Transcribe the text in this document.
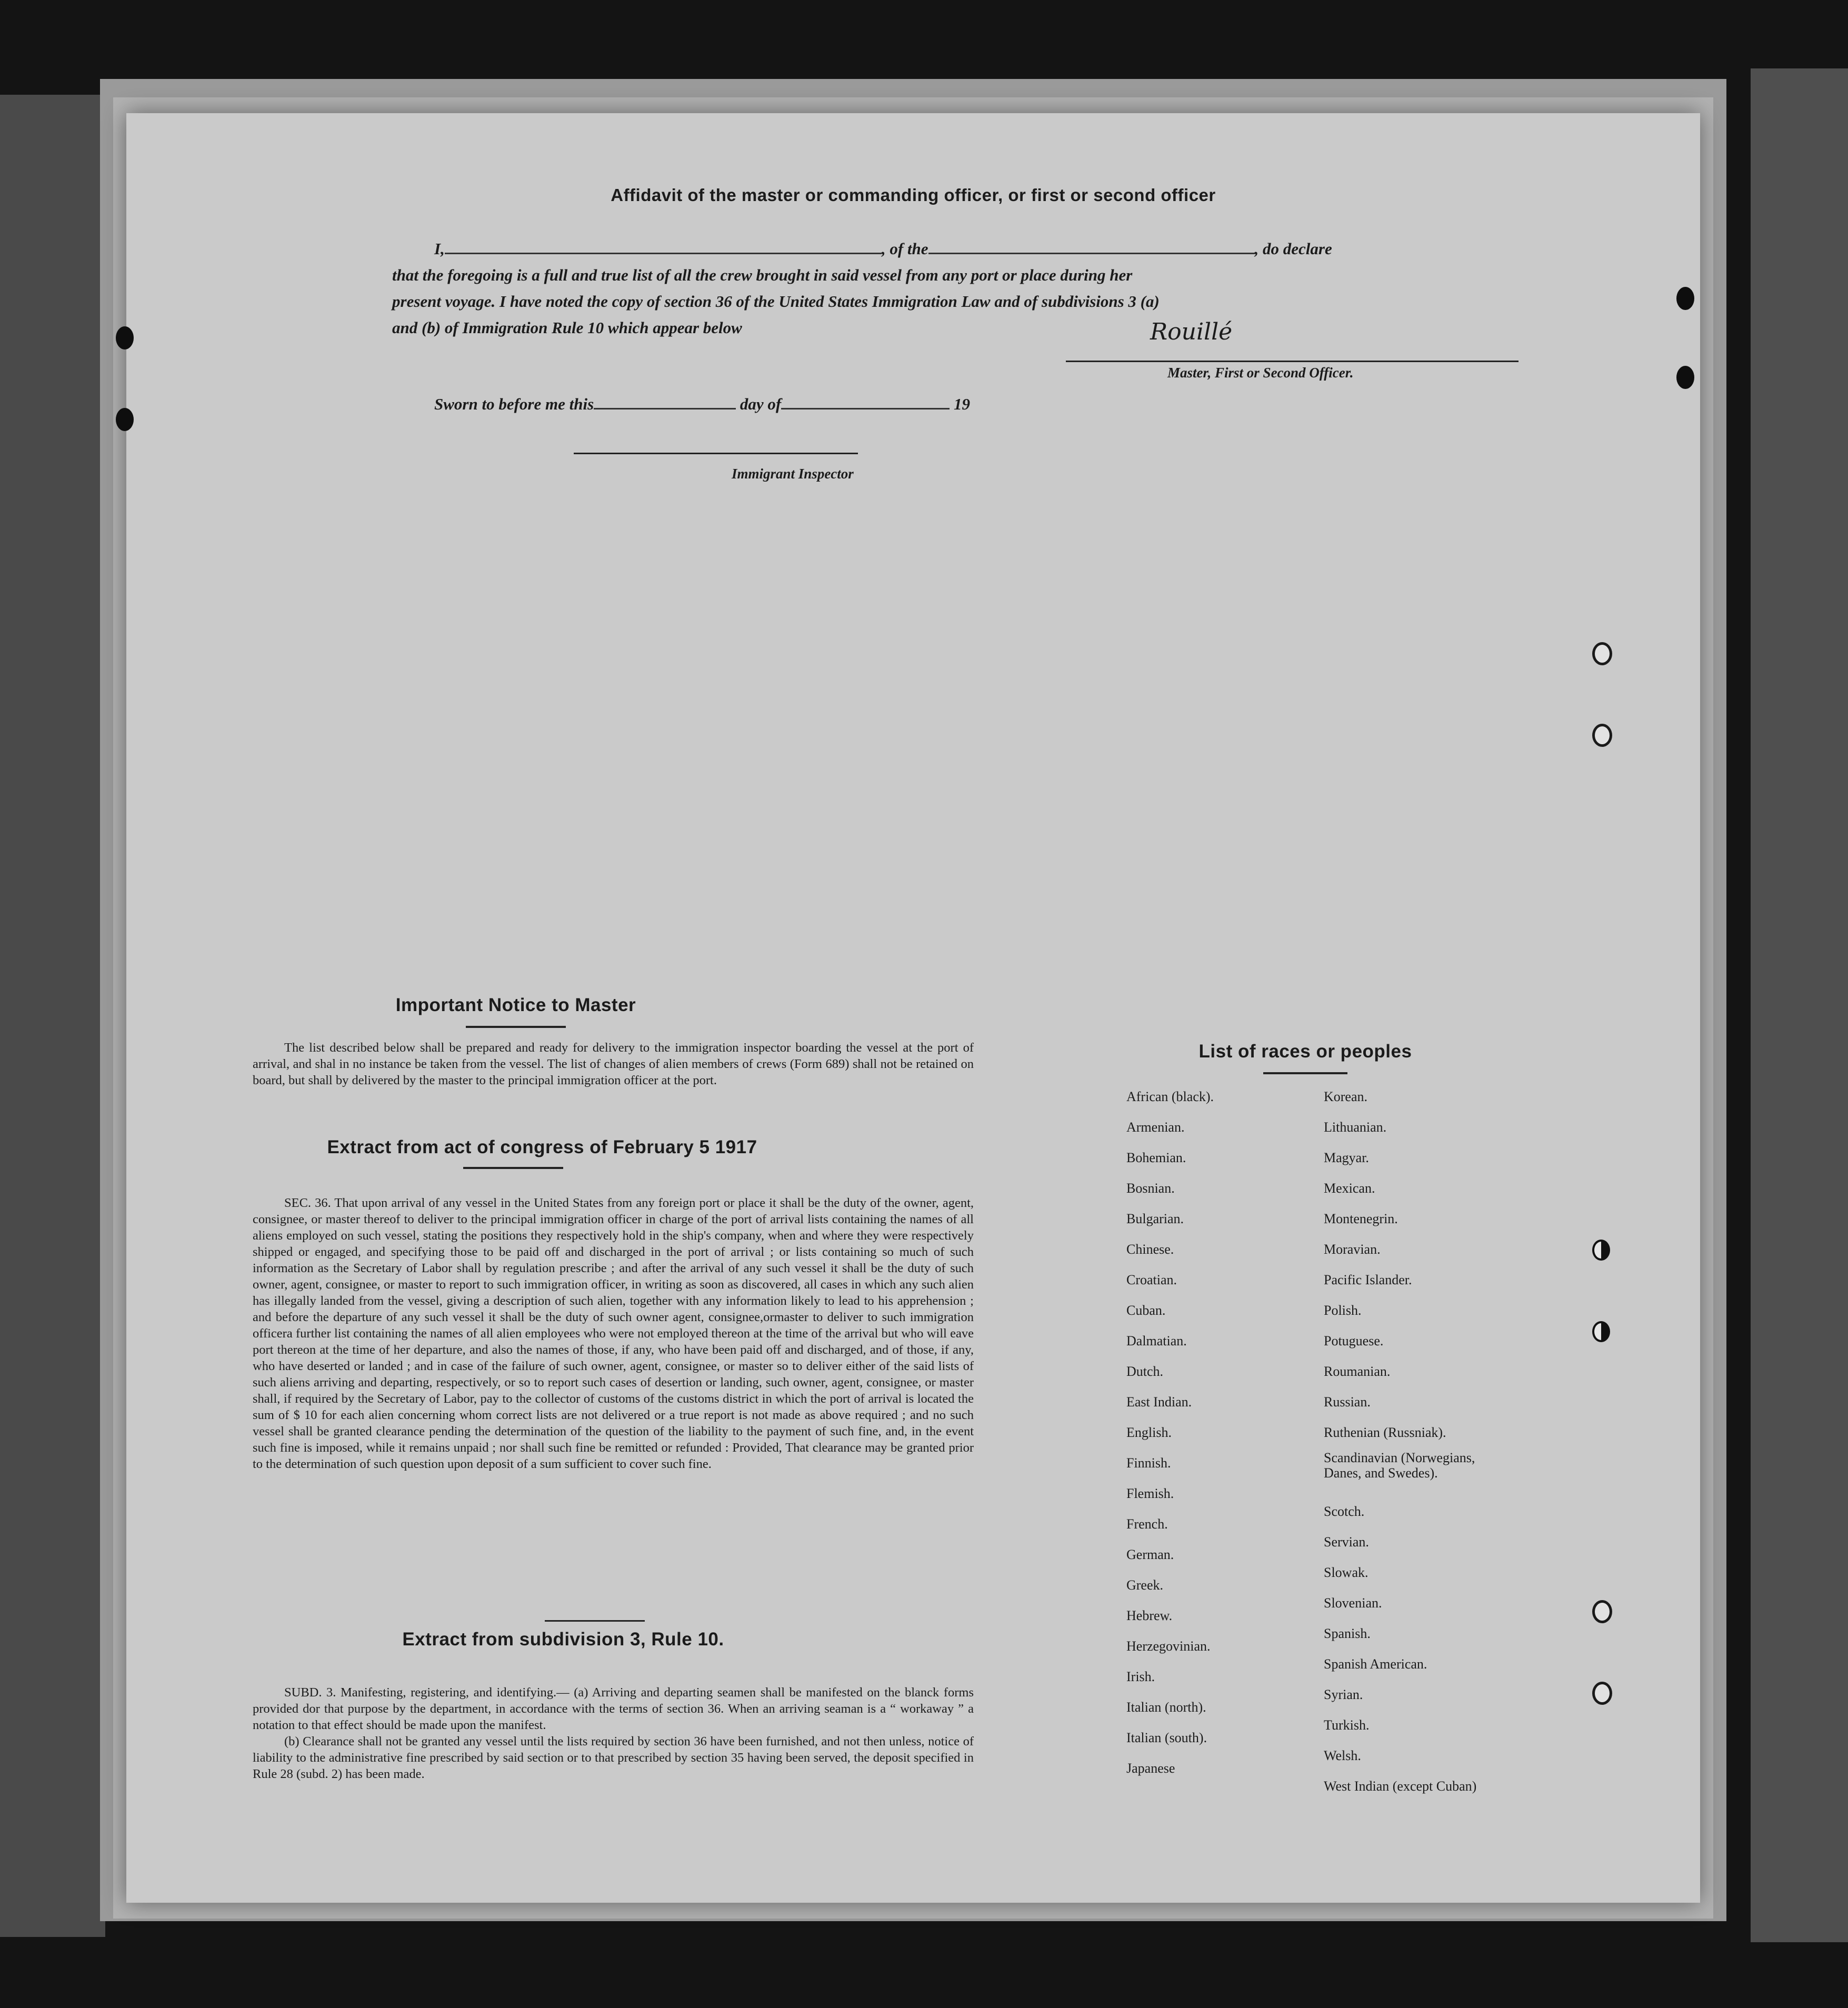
Affidavit of the master or commanding officer, or first or second officer
I,	, of the	, do declare
that the foregoing is a full and true list of all the crew brought in said vessel from any port or place during her
present voyage. I have noted the copy of section 36 of the United States Immigration Law and of subdivisions 3 (a)
and (b) of Immigration Rule 10 which appear below	Rouillé
Master, First or Second Officer.
Sworn to before me this	day of	19
Immigrant Inspector
Important Notice to Master

The list described below shall be prepared and ready for delivery to the immigration inspector boarding the vessel at the port of arrival, and shal in no instance be taken from the vessel. The list of changes of alien members of crews (Form 689) shall not be retained on board, but shall by delivered by the master to the principal immigration officer at the port.

Extract from act of congress of February 5 1917

SEC. 36. That upon arrival of any vessel in the United States from any foreign port or place it shall be the duty of the owner, agent, consignee, or master thereof to deliver to the principal immigration officer in charge of the port of arrival lists containing the names of all aliens employed on such vessel, stating the positions they respectively hold in the ship's company, when and where they were respectively shipped or engaged, and specifying those to be paid off and discharged in the port of arrival ; or lists containing so much of such information as the Secretary of Labor shall by regulation prescribe ; and after the arrival of any such vessel it shall be the duty of such owner, agent, consignee, or master to report to such immigration officer, in writing as soon as discovered, all cases in which any such alien has illegally landed from the vessel, giving a description of such alien, together with any information likely to lead to his apprehension ; and before the departure of any such vessel it shall be the duty of such owner agent, consignee,ormaster to deliver to such immigration officera further list containing the names of all alien employees who were not employed thereon at the time of the arrival but who will eave port thereon at the time of her departure, and also the names of those, if any, who have been paid off and discharged, and of those, if any, who have deserted or landed ; and in case of the failure of such owner, agent, consignee, or master so to deliver either of the said lists of such aliens arriving and departing, respectively, or so to report such cases of desertion or landing, such owner, agent, consignee, or master shall, if required by the Secretary of Labor, pay to the collector of customs of the customs district in which the port of arrival is located the sum of $ 10 for each alien concerning whom correct lists are not delivered or a true report is not made as above required ; and no such vessel shall be granted clearance pending the determination of the question of the liability to the payment of such fine, and, in the event such fine is imposed, while it remains unpaid ; nor shall such fine be remitted or refunded : Provided, That clearance may be granted prior to the determination of such question upon deposit of a sum sufficient to cover such fine.

Extract from subdivision 3, Rule 10.

SUBD. 3. Manifesting, registering, and identifying.— (a) Arriving and departing seamen shall be manifested on the blanck forms provided dor that purpose by the department, in accordance with the terms of section 36. When an arriving seaman is a “ workaway ” a notation to that effect should be made upon the manifest.

(b) Clearance shall not be granted any vessel until the lists required by section 36 have been furnished, and not then unless, notice of liability to the administrative fine prescribed by said section or to that prescribed by section 35 having been served, the deposit specified in Rule 28 (subd. 2) has been made.

List of races or peoples
African (black).
Armenian.
Bohemian.
Bosnian.
Bulgarian.
Chinese.
Croatian.
Cuban.
Dalmatian.
Dutch.
East Indian.
English.
Finnish.
Flemish.
French.
German.
Greek.
Hebrew.
Herzegovinian.
Irish.
Italian (north).
Italian (south).
Japanese
Korean.
Lithuanian.
Magyar.
Mexican.
Montenegrin.
Moravian.
Pacific Islander.
Polish.
Potuguese.
Roumanian.
Russian.
Ruthenian (Russniak).
Scandinavian (Norwegians, Danes, and Swedes).
Scotch.
Servian.
Slowak.
Slovenian.
Spanish.
Spanish American.
Syrian.
Turkish.
Welsh.
West Indian (except Cuban)
